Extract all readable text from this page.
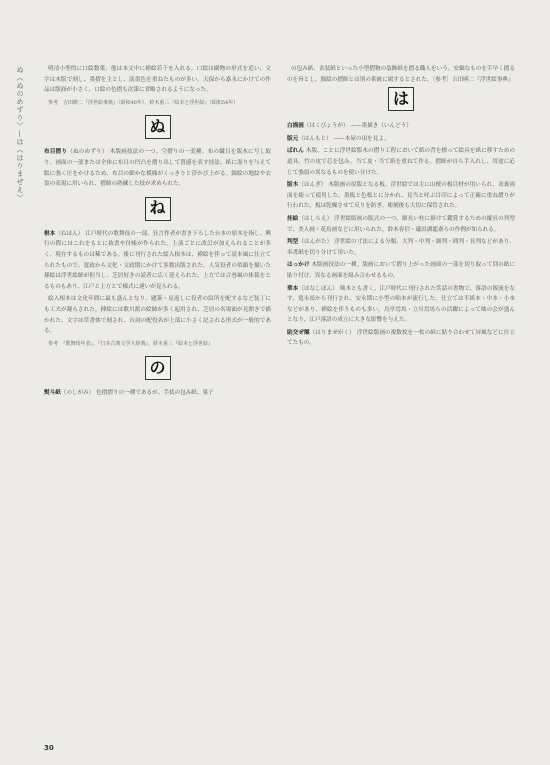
ぬ（ぬのめずり）—は（はりまぜえ）	明清小型的に口絵数葉、他は本文中に挿絵若干を入れる。口絵は刷物の形式を追い、文字は木版で刻し、墨摺を主とし、淡墨色を重ねたものが多い。天保から嘉永にかけての作品は版面が小さく、口絵の色摺も次第に省略されるようになった。

参考　吉田暎二『浮世絵事典』（昭和40年）、鈴木重三『絵本と浮世絵』（昭和54年）

ぬ

布目摺り（ぬのめずり） 木版画技法の一つ。空摺りの一変種。布の繊目を版木に写し取り、画面の一部または全体に布目の凹凸を摺り出して質感を表す技法。紙に湿りを与えて版に強く圧をかけるため、布目の細かな模様がくっきりと浮かび上がる。錦絵の地紋や衣裳の表現に用いられ、摺師の熟練した技が求められた。

ね

根本（ねほん） 江戸時代の歌舞伎の一部。狂言作者が書き下ろした台本の原本を指し、興行の際にはこれをもとに抜書や付帳が作られた。上演ごとに改訂が加えられることが多く、現存するものは稀である。後に刊行された絵入根本は、挿絵を伴って読本風に仕立てられたもので、寛政から文化・文政期にかけて多数出版された。人気役者の似顔を描いた挿絵は浮世絵師が担当し、芝居好きの読者に広く迎えられた。上方では合巻風の体裁をとるものもあり、江戸と上方とで様式に違いが見られる。

絵入根本は文化年間に最も盛んとなり、題簽・見返しに役者の紋所を配するなど装丁にも工夫が凝らされた。挿絵には歌川派の絵師が多く起用され、芝居の名場面が見開きで描かれた。文字は草書体で刻され、台詞の配役名が上部に小さく記される形式が一般的である。

参考　『歌舞伎年表』、『日本古典文学大辞典』、鈴木重三『絵本と浮世絵』

の

熨斗紙（のしがみ） 色摺摺りの一種であるが、手拭の包み紙、菓子

の包み紙、表装紙といった小型摺物の装飾紙を摺る職人をいう。安価なものを手早く摺るのを旨とし、錦絵の摺師とは別の系統に属するとされた。〔参考〕吉田暎二『浮世絵事典』

は

白描画（はくびょうが） ——墨描き（いんどう）

版元（はんもと） ——本屋の項を見よ。

ばれん 木版、ことに浮世絵版木の摺り工程において紙の背を擦って絵具を紙に移すための道具。竹の皮で芯を包み、当て皮・当て紙を重ねて作る。摺師が自ら手入れし、用途に応じて強弱の異なるものを使い分けた。

版木（はんぎ） 木版画の原版となる板。浮世絵では主に山桜の板目材が用いられ、表裏両面を彫って使用した。墨板と色板とに分かれ、見当と呼ぶ目印によって正確に重ね摺りが行われた。板は乾燥させて反りを防ぎ、彫刻後も大切に保管された。

挂絵（はしらえ） 浮世絵版画の版式の一つ。細長い柱に掛けて鑑賞するための縦長の判型で、美人画・花鳥画などに用いられた。鈴木春信・礒田湖龍斎らの作例が知られる。

判型（はんがた） 浮世絵の寸法による分類。大判・中判・細判・間判・長判などがあり、奉書紙を切り分けて用いた。

はっかけ 木版画技法の一種。版画において摺り上がった画面の一部を切り取って別の紙に貼り付け、異なる画面を組み合わせるもの。

華本（はなしぼん） 咄本とも書く。江戸時代に刊行された笑話の書物で、落語の源流をなす。寛永頃から刊行され、安永期に小型の咄本が流行した。仕立ては半紙本・中本・小本などがあり、挿絵を伴うものも多い。烏亭焉馬・立川焉馬らの活躍によって咄の会が盛んとなり、江戸落語の成立に大きな影響を与えた。

貼交ぜ額（はりまぜがく） 浮世絵版画の複数枚を一枚の紙に貼り合わせて屏風などに仕立てたもの。

30
